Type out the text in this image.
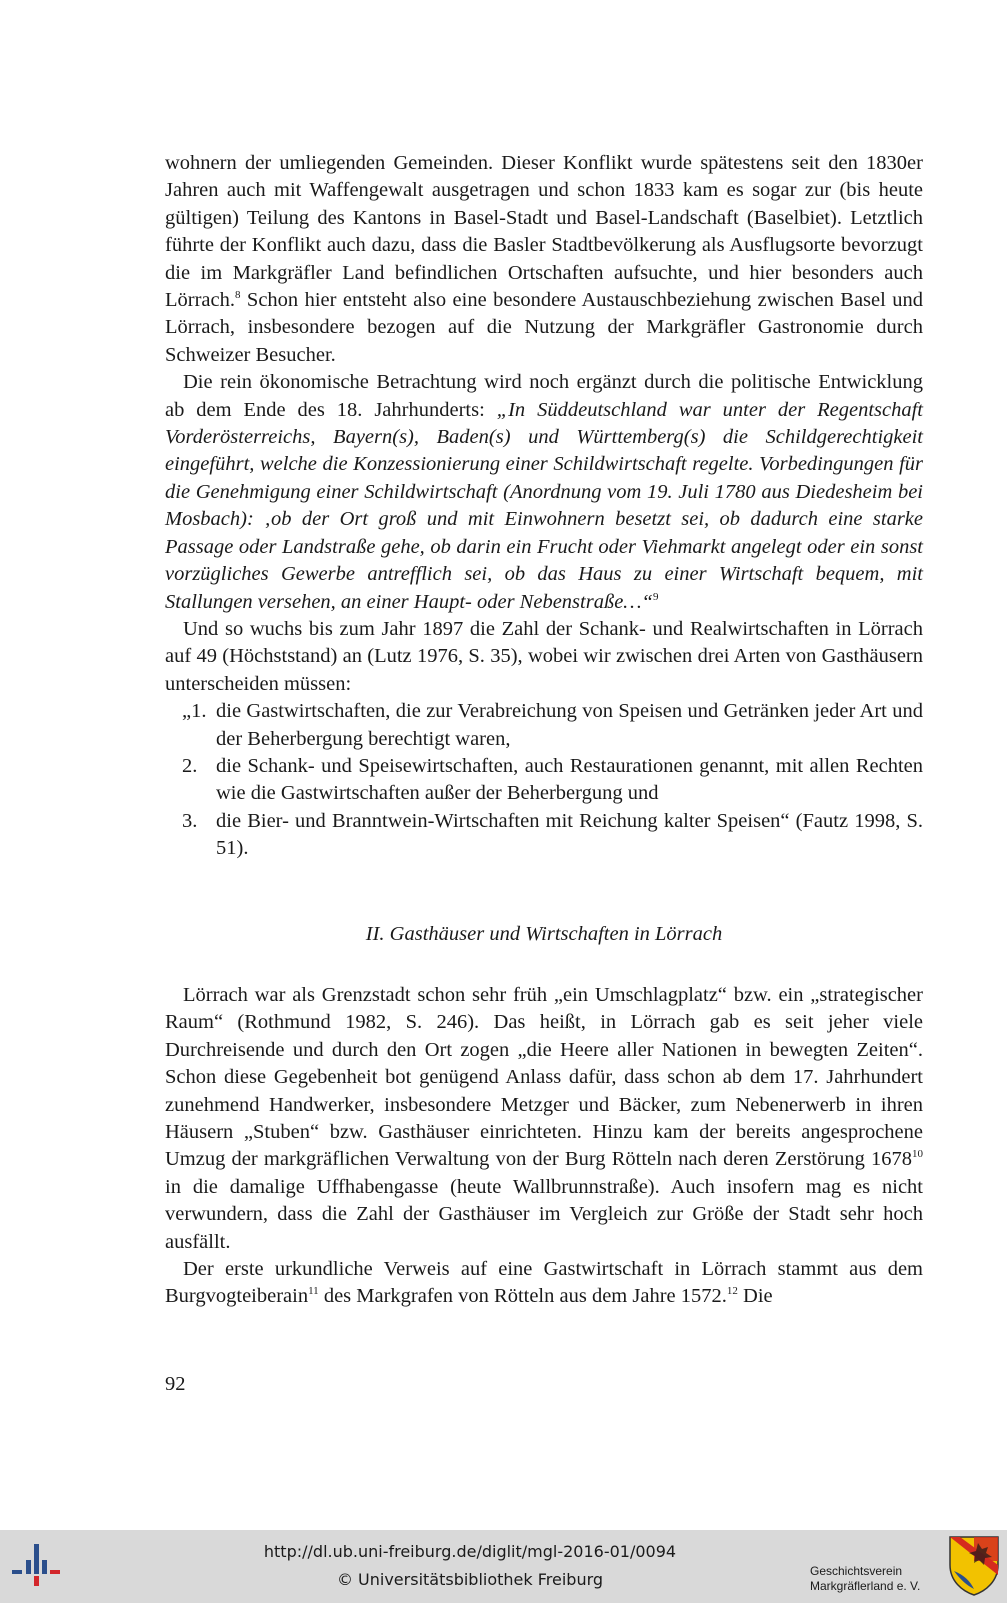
wohnern der umliegenden Gemeinden. Dieser Konflikt wurde spätestens seit den 1830er Jahren auch mit Waffengewalt ausgetragen und schon 1833 kam es sogar zur (bis heute gültigen) Teilung des Kantons in Basel-Stadt und Basel-Landschaft (Baselbiet). Letztlich führte der Konflikt auch dazu, dass die Basler Stadtbevölkerung als Ausflugsorte bevorzugt die im Markgräfler Land befindlichen Ortschaften aufsuchte, und hier besonders auch Lörrach.$^8$ Schon hier entsteht also eine besondere Austauschbeziehung zwischen Basel und Lörrach, insbesondere bezogen auf die Nutzung der Markgräfler Gastronomie durch Schweizer Besucher.

Die rein ökonomische Betrachtung wird noch ergänzt durch die politische Entwicklung ab dem Ende des 18. Jahrhunderts: „In Süddeutschland war unter der Regentschaft Vorderösterreichs, Bayern(s), Baden(s) und Württemberg(s) die Schildgerechtigkeit eingeführt, welche die Konzessionierung einer Schildwirtschaft regelte. Vorbedingungen für die Genehmigung einer Schildwirtschaft (Anordnung vom 19. Juli 1780 aus Diedesheim bei Mosbach): ‚ob der Ort groß und mit Einwohnern besetzt sei, ob dadurch eine starke Passage oder Landstraße gehe, ob darin ein Frucht oder Viehmarkt angelegt oder ein sonst vorzügliches Gewerbe antrefflich sei, ob das Haus zu einer Wirtschaft bequem, mit Stallungen versehen, an einer Haupt- oder Nebenstraße…“$^9$

Und so wuchs bis zum Jahr 1897 die Zahl der Schank- und Realwirtschaften in Lörrach auf 49 (Höchststand) an (Lutz 1976, S. 35), wobei wir zwischen drei Arten von Gasthäusern unterscheiden müssen:

„1. die Gastwirtschaften, die zur Verabreichung von Speisen und Getränken jeder Art und der Beherbergung berechtigt waren,
2. die Schank- und Speisewirtschaften, auch Restaurationen genannt, mit allen Rechten wie die Gastwirtschaften außer der Beherbergung und
3. die Bier- und Branntwein-Wirtschaften mit Reichung kalter Speisen“ (Fautz 1998, S. 51).
II. Gasthäuser und Wirtschaften in Lörrach

Lörrach war als Grenzstadt schon sehr früh „ein Umschlagplatz“ bzw. ein „strategischer Raum“ (Rothmund 1982, S. 246). Das heißt, in Lörrach gab es seit jeher viele Durchreisende und durch den Ort zogen „die Heere aller Nationen in bewegten Zeiten“. Schon diese Gegebenheit bot genügend Anlass dafür, dass schon ab dem 17. Jahrhundert zunehmend Handwerker, insbesondere Metzger und Bäcker, zum Nebenerwerb in ihren Häusern „Stuben“ bzw. Gasthäuser einrichteten. Hinzu kam der bereits angesprochene Umzug der markgräflichen Verwaltung von der Burg Rötteln nach deren Zerstörung 1678$^{10}$ in die damalige Uffhabengasse (heute Wallbrunnstraße). Auch insofern mag es nicht verwundern, dass die Zahl der Gasthäuser im Vergleich zur Größe der Stadt sehr hoch ausfällt.

Der erste urkundliche Verweis auf eine Gastwirtschaft in Lörrach stammt aus dem Burgvogteiberain$^{11}$ des Markgrafen von Rötteln aus dem Jahre 1572.12 Die

92
http://dl.ub.uni-freiburg.de/diglit/mgl-2016-01/0094
© Universitätsbibliothek Freiburg	Geschichtsverein
Markgräflerland e. V.
